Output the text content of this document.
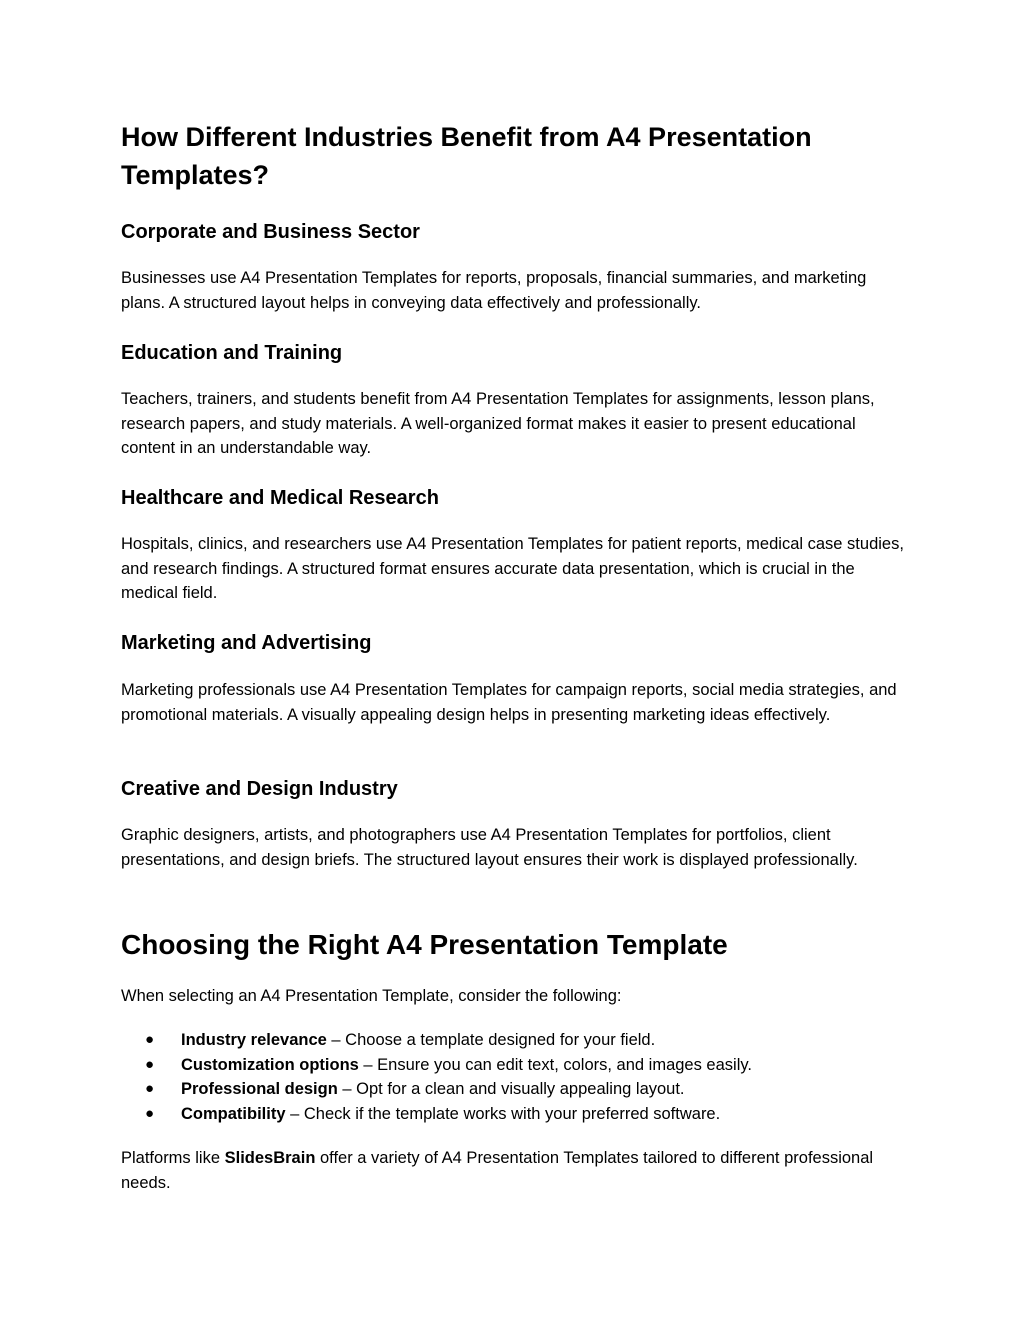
How Different Industries Benefit from A4 Presentation Templates?
Corporate and Business Sector

Businesses use A4 Presentation Templates for reports, proposals, financial summaries, and marketing plans. A structured layout helps in conveying data effectively and professionally.

Education and Training

Teachers, trainers, and students benefit from A4 Presentation Templates for assignments, lesson plans, research papers, and study materials. A well-organized format makes it easier to present educational content in an understandable way.

Healthcare and Medical Research

Hospitals, clinics, and researchers use A4 Presentation Templates for patient reports, medical case studies, and research findings. A structured format ensures accurate data presentation, which is crucial in the medical field.

Marketing and Advertising

Marketing professionals use A4 Presentation Templates for campaign reports, social media strategies, and promotional materials. A visually appealing design helps in presenting marketing ideas effectively.

Creative and Design Industry

Graphic designers, artists, and photographers use A4 Presentation Templates for portfolios, client presentations, and design briefs. The structured layout ensures their work is displayed professionally.

Choosing the Right A4 Presentation Template

When selecting an A4 Presentation Template, consider the following:

● Industry relevance – Choose a template designed for your field.
● Customization options – Ensure you can edit text, colors, and images easily.
● Professional design – Opt for a clean and visually appealing layout.
● Compatibility – Check if the template works with your preferred software.

Platforms like SlidesBrain offer a variety of A4 Presentation Templates tailored to different professional needs.
